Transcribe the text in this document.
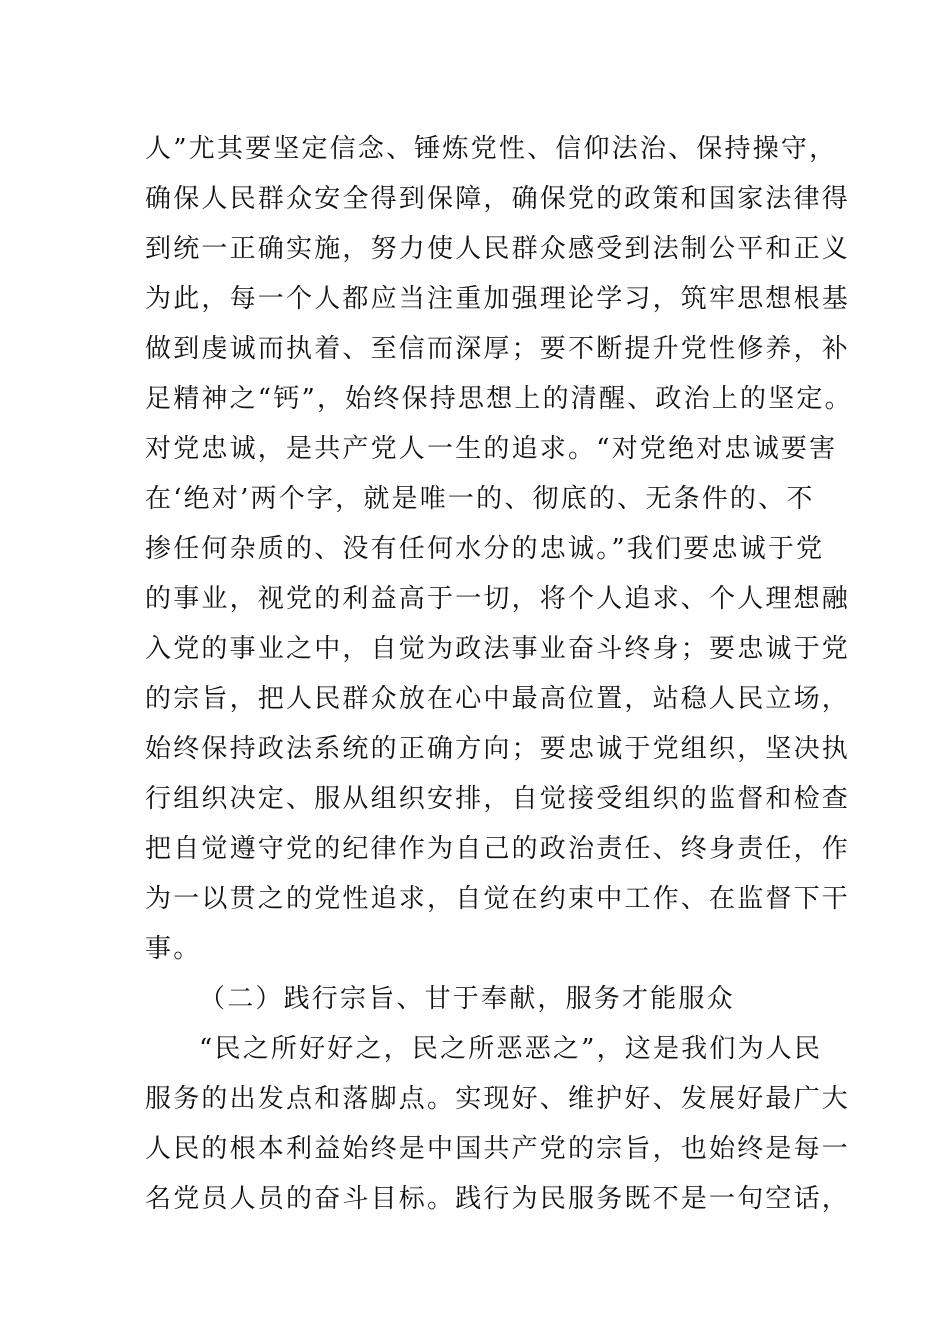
人”尤其要坚定信念、锤炼党性、信仰法治、保持操守，
确保人民群众安全得到保障，确保党的政策和国家法律得
到统一正确实施，努力使人民群众感受到法制公平和正义
为此，每一个人都应当注重加强理论学习，筑牢思想根基
做到虔诚而执着、至信而深厚；要不断提升党性修养，补
足精神之“钙”，始终保持思想上的清醒、政治上的坚定。
对党忠诚，是共产党人一生的追求。“对党绝对忠诚要害
在‘绝对’两个字，就是唯一的、彻底的、无条件的、不
掺任何杂质的、没有任何水分的忠诚。”我们要忠诚于党
的事业，视党的利益高于一切，将个人追求、个人理想融
入党的事业之中，自觉为政法事业奋斗终身；要忠诚于党
的宗旨，把人民群众放在心中最高位置，站稳人民立场，
始终保持政法系统的正确方向；要忠诚于党组织，坚决执
行组织决定、服从组织安排，自觉接受组织的监督和检查
把自觉遵守党的纪律作为自己的政治责任、终身责任，作
为一以贯之的党性追求，自觉在约束中工作、在监督下干
事。
（二）践行宗旨、甘于奉献，服务才能服众
“民之所好好之，民之所恶恶之”，这是我们为人民
服务的出发点和落脚点。实现好、维护好、发展好最广大
人民的根本利益始终是中国共产党的宗旨，也始终是每一
名党员人员的奋斗目标。践行为民服务既不是一句空话，
